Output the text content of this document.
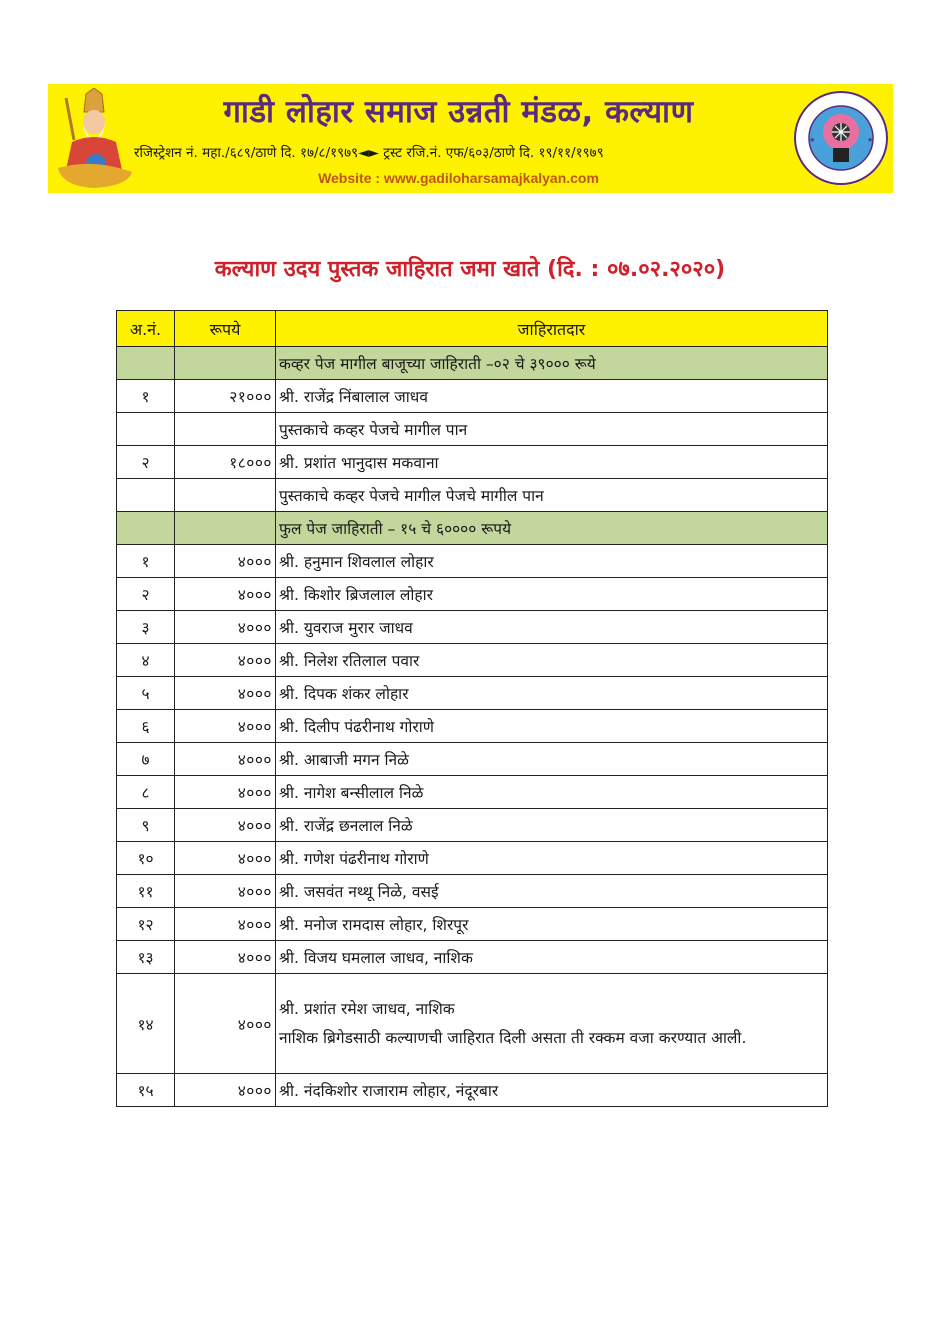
गाडी लोहार समाज उन्नती मंडळ, कल्याण
रजिस्ट्रेशन नं. महा./६८९/ठाणे दि. १७/८/१९७९◄► ट्रस्ट रजि.नं. एफ/६०३/ठाणे दि. १९/११/१९७९
Website : www.gadiloharsamajkalyan.com
★	★
कल्याण उदय पुस्तक जाहिरात जमा खाते (दि. : ०७.०२.२०२०)
अ.नं.	रूपये	जाहिरातदार
		कव्हर पेज मागील बाजूच्या जाहिराती –०२ चे ३९००० रूये
१	२१०००	श्री. राजेंद्र निंबालाल जाधव
		पुस्तकाचे कव्हर पेजचे मागील पान
२	१८०००	श्री. प्रशांत भानुदास मकवाना
		पुस्तकाचे कव्हर पेजचे मागील पेजचे मागील पान
		फुल पेज जाहिराती – १५ चे ६०००० रूपये
१	४०००	श्री. हनुमान शिवलाल लोहार
२	४०००	श्री. किशोर ब्रिजलाल लोहार
३	४०००	श्री. युवराज मुरार जाधव
४	४०००	श्री. निलेश रतिलाल पवार
५	४०००	श्री. दिपक शंकर लोहार
६	४०००	श्री. दिलीप पंढरीनाथ गोराणे
७	४०००	श्री. आबाजी मगन निळे
८	४०००	श्री. नागेश बन्सीलाल निळे
९	४०००	श्री. राजेंद्र छनलाल निळे
१०	४०००	श्री. गणेश पंढरीनाथ गोराणे
११	४०००	श्री. जसवंत नथ्थू निळे, वसई
१२	४०००	श्री. मनोज रामदास लोहार, शिरपूर
१३	४०००	श्री. विजय घमलाल जाधव, नाशिक
१४	४०००	श्री. प्रशांत रमेश जाधव, नाशिक
नाशिक ब्रिगेडसाठी कल्याणची जाहिरात दिली असता ती रक्कम वजा करण्यात आली.

१५	४०००	श्री. नंदकिशोर राजाराम लोहार, नंदूरबार
